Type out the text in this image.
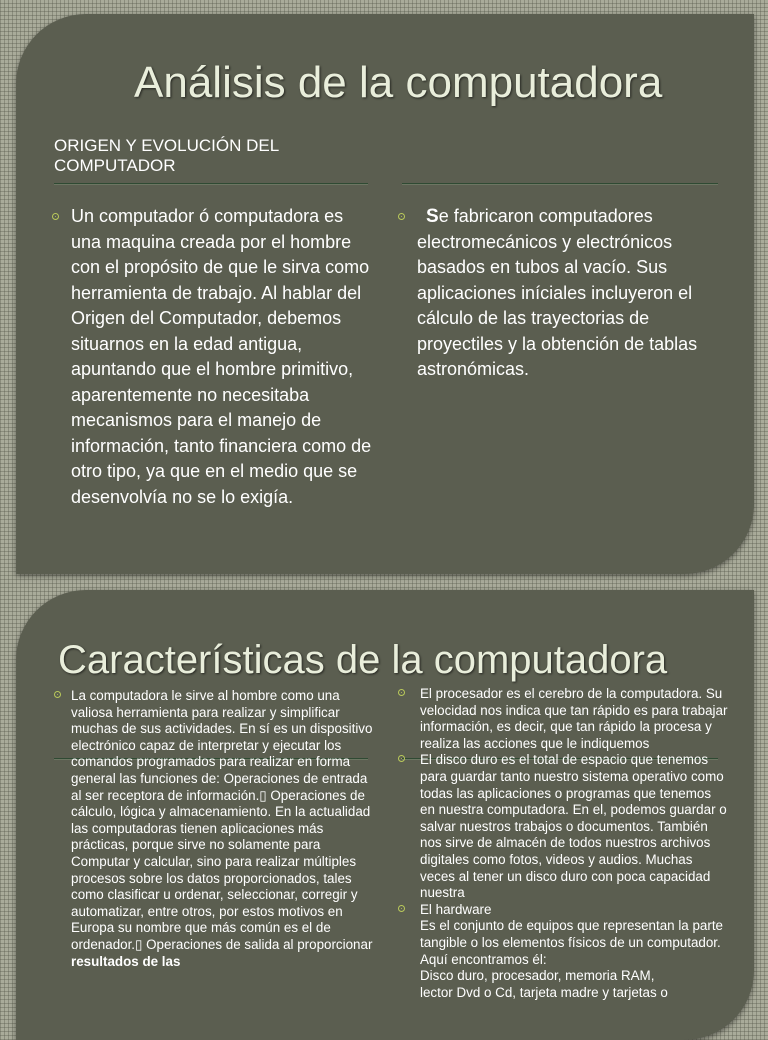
Análisis de la computadora

ORIGEN Y EVOLUCIÓN DEL COMPUTADOR

Un computador ó computadora es una maquina creada por el hombre con el propósito de que le sirva como herramienta de trabajo. Al hablar del Origen del Computador, debemos situarnos en la edad antigua, apuntando que el hombre primitivo, aparentemente no necesitaba mecanismos para el manejo de información, tanto financiera como de otro tipo, ya que en el medio que se desenvolvía no se lo exigía.
Se fabricaron computadores electromecánicos y electrónicos basados en tubos al vacío. Sus aplicaciones iníciales incluyeron el cálculo de las trayectorias de proyectiles y la obtención de tablas astronómicas.
Características de la computadora
La computadora le sirve al hombre como una valiosa herramienta para realizar y simplificar muchas de sus actividades. En sí es un dispositivo electrónico capaz de interpretar y ejecutar los comandos programados para realizar en forma general las funciones de: Operaciones de entrada al ser receptora de información.▯ Operaciones de cálculo, lógica y almacenamiento. En la actualidad las computadoras tienen aplicaciones más prácticas, porque sirve no solamente para Computar y calcular, sino para realizar múltiples procesos sobre los datos proporcionados, tales como clasificar u ordenar, seleccionar, corregir y automatizar, entre otros, por estos motivos en Europa su nombre que más común es el de ordenador.▯ Operaciones de salida al proporcionar resultados de las
El procesador es el cerebro de la computadora. Su velocidad nos indica que tan rápido es para trabajar información, es decir, que tan rápido la procesa y realiza las acciones que le indiquemos
El disco duro es el total de espacio que tenemos para guardar tanto nuestro sistema operativo como todas las aplicaciones o programas que tenemos en nuestra computadora. En el, podemos guardar o salvar nuestros trabajos o documentos. También nos sirve de almacén de todos nuestros archivos digitales como fotos, videos y audios. Muchas veces al tener un disco duro con poca capacidad nuestra
El hardware
Es el conjunto de equipos que representan la parte tangible o los elementos físicos de un computador. Aquí encontramos él:
Disco duro, procesador, memoria RAM,
lector Dvd o Cd, tarjeta madre y tarjetas o
